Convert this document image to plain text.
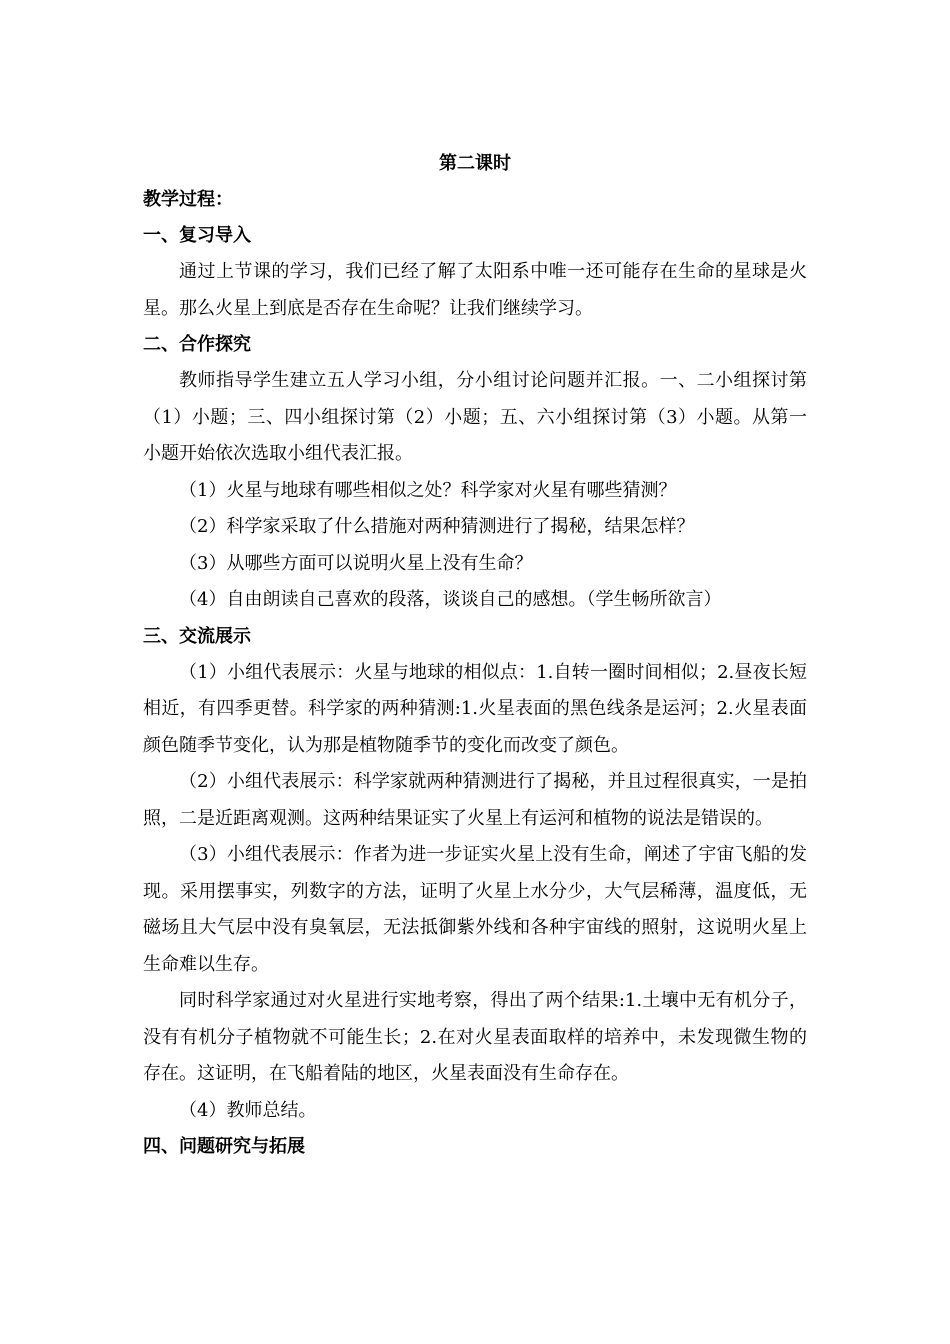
第二课时
教学过程：
一、复习导入

通过上节课的学习，我们已经了解了太阳系中唯一还可能存在生命的星球是火星。那么火星上到底是否存在生命呢？让我们继续学习。

二、合作探究

教师指导学生建立五人学习小组，分小组讨论问题并汇报。一、二小组探讨第（1）小题；三、四小组探讨第（2）小题；五、六小组探讨第（3）小题。从第一小题开始依次选取小组代表汇报。

（1）火星与地球有哪些相似之处？科学家对火星有哪些猜测？

（2）科学家采取了什么措施对两种猜测进行了揭秘，结果怎样？

（3）从哪些方面可以说明火星上没有生命？

（4）自由朗读自己喜欢的段落，谈谈自己的感想。（学生畅所欲言）

三、交流展示

（1）小组代表展示：火星与地球的相似点：1.自转一圈时间相似；2.昼夜长短相近，有四季更替。科学家的两种猜测:1.火星表面的黑色线条是运河；2.火星表面颜色随季节变化，认为那是植物随季节的变化而改变了颜色。

（2）小组代表展示：科学家就两种猜测进行了揭秘，并且过程很真实，一是拍照，二是近距离观测。这两种结果证实了火星上有运河和植物的说法是错误的。

（3）小组代表展示：作者为进一步证实火星上没有生命，阐述了宇宙飞船的发现。采用摆事实，列数字的方法，证明了火星上水分少，大气层稀薄，温度低，无磁场且大气层中没有臭氧层，无法抵御紫外线和各种宇宙线的照射，这说明火星上生命难以生存。

同时科学家通过对火星进行实地考察，得出了两个结果:1.土壤中无有机分子，没有有机分子植物就不可能生长；2.在对火星表面取样的培养中，未发现微生物的存在。这证明，在飞船着陆的地区，火星表面没有生命存在。

（4）教师总结。

四、问题研究与拓展
